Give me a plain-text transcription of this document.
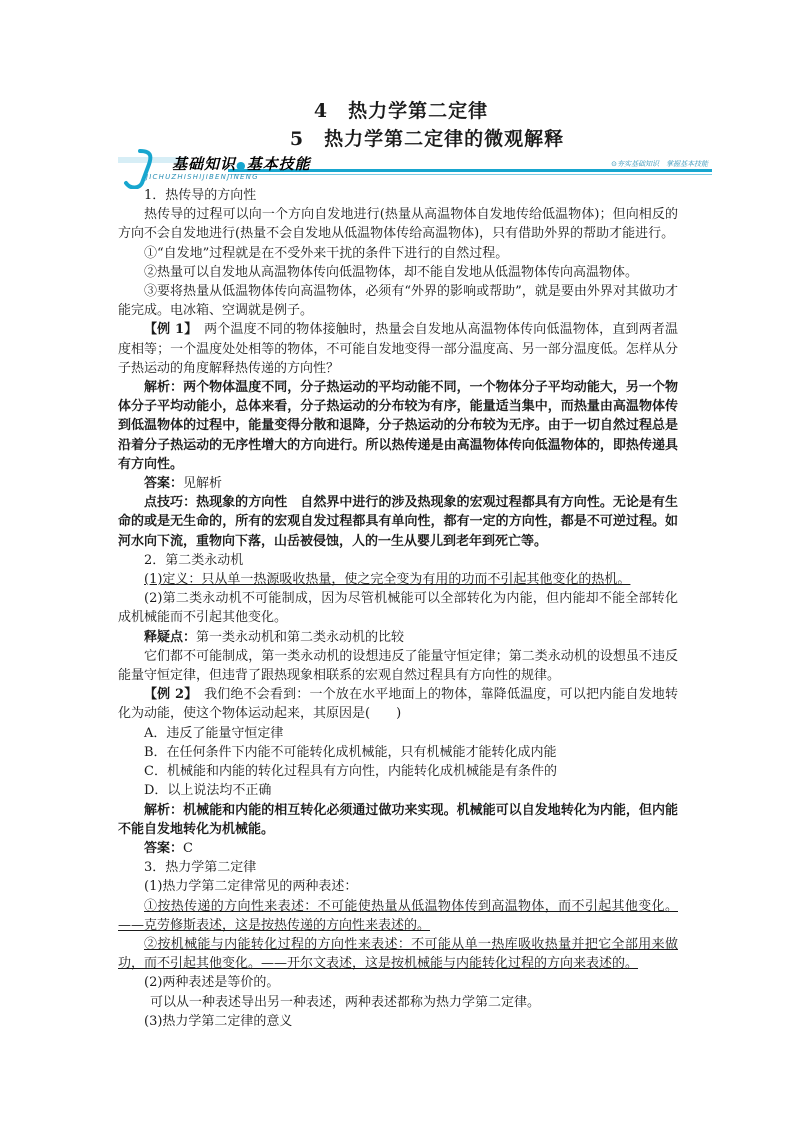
4　热力学第二定律
5　热力学第二定律的微观解释
基础知识●基本技能
JICHUZHISHIJIBENJINENG
⊙夯实基础知识　掌握基本技能

1．热传导的方向性

热传导的过程可以向一个方向自发地进行(热量从高温物体自发地传给低温物体)；但向相反的方向不会自发地进行(热量不会自发地从低温物体传给高温物体)，只有借助外界的帮助才能进行。

①“自发地”过程就是在不受外来干扰的条件下进行的自然过程。

②热量可以自发地从高温物体传向低温物体，却不能自发地从低温物体传向高温物体。

③要将热量从低温物体传向高温物体，必须有“外界的影响或帮助”，就是要由外界对其做功才能完成。电冰箱、空调就是例子。

【例 1】　 两个温度不同的物体接触时，热量会自发地从高温物体传向低温物体，直到两者温度相等；一个温度处处相等的物体，不可能自发地变得一部分温度高、另一部分温度低。怎样从分子热运动的角度解释热传递的方向性？

解析：两个物体温度不同，分子热运动的平均动能不同，一个物体分子平均动能大，另一个物体分子平均动能小，总体来看，分子热运动的分布较为有序，能量适当集中，而热量由高温物体传到低温物体的过程中，能量变得分散和退降，分子热运动的分布较为无序。由于一切自然过程总是沿着分子热运动的无序性增大的方向进行。所以热传递是由高温物体传向低温物体的，即热传递具有方向性。

答案：见解析

点技巧：热现象的方向性　自然界中进行的涉及热现象的宏观过程都具有方向性。无论是有生命的或是无生命的，所有的宏观自发过程都具有单向性，都有一定的方向性，都是不可逆过程。如河水向下流，重物向下落，山岳被侵蚀，人的一生从婴儿到老年到死亡等。

2．第二类永动机

(1)定义：只从单一热源吸收热量，使之完全变为有用的功而不引起其他变化的热机。

(2)第二类永动机不可能制成，因为尽管机械能可以全部转化为内能，但内能却不能全部转化成机械能而不引起其他变化。

释疑点：第一类永动机和第二类永动机的比较

它们都不可能制成，第一类永动机的设想违反了能量守恒定律；第二类永动机的设想虽不违反能量守恒定律，但违背了跟热现象相联系的宏观自然过程具有方向性的规律。

【例 2】　 我们绝不会看到：一个放在水平地面上的物体，靠降低温度，可以把内能自发地转化为动能，使这个物体运动起来，其原因是(　　)

A．违反了能量守恒定律

B．在任何条件下内能不可能转化成机械能，只有机械能才能转化成内能

C．机械能和内能的转化过程具有方向性，内能转化成机械能是有条件的

D．以上说法均不正确

解析：机械能和内能的相互转化必须通过做功来实现。机械能可以自发地转化为内能，但内能不能自发地转化为机械能。

答案：C

3．热力学第二定律

(1)热力学第二定律常见的两种表述：

①按热传递的方向性来表述：不可能使热量从低温物体传到高温物体，而不引起其他变化。——克劳修斯表述，这是按热传递的方向性来表述的。

②按机械能与内能转化过程的方向性来表述：不可能从单一热库吸收热量并把它全部用来做功，而不引起其他变化。——开尔文表述，这是按机械能与内能转化过程的方向来表述的。

(2)两种表述是等价的。

可以从一种表述导出另一种表述，两种表述都称为热力学第二定律。

(3)热力学第二定律的意义
